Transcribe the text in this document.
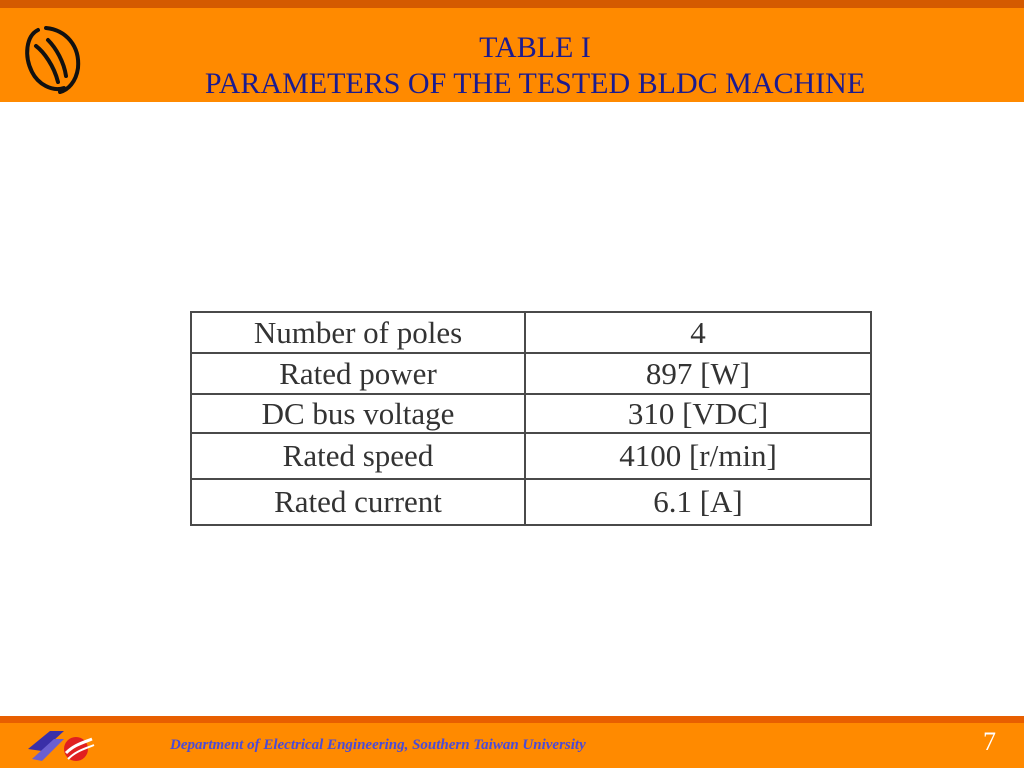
TABLE I
PARAMETERS OF THE TESTED BLDC MACHINE
Number of poles	4
Rated power	897 [W]
DC bus voltage	310 [VDC]
Rated speed	4100 [r/min]
Rated current	6.1 [A]
Department of Electrical Engineering, Southern Taiwan University	7
